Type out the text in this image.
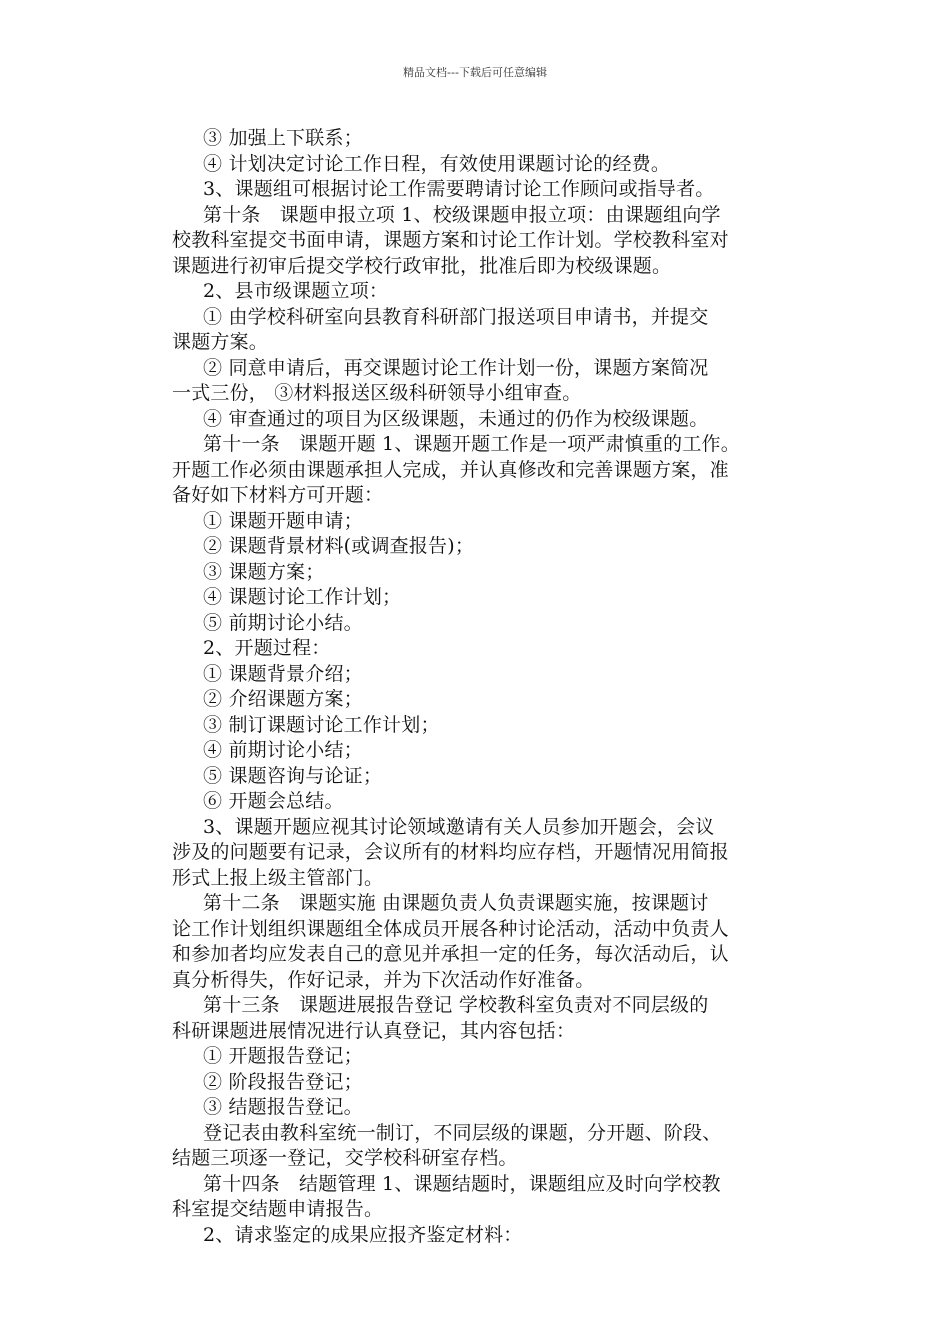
精品文档---下载后可任意编辑
③ 加强上下联系；
④ 计划决定讨论工作日程，有效使用课题讨论的经费。
3、课题组可根据讨论工作需要聘请讨论工作顾问或指导者。
第十条　课题申报立项 1、校级课题申报立项：由课题组向学
校教科室提交书面申请，课题方案和讨论工作计划。学校教科室对
课题进行初审后提交学校行政审批，批准后即为校级课题。
2、县市级课题立项：
① 由学校科研室向县教育科研部门报送项目申请书，并提交
课题方案。
② 同意申请后，再交课题讨论工作计划一份，课题方案简况
一式三份， ③材料报送区级科研领导小组审查。
④ 审查通过的项目为区级课题，未通过的仍作为校级课题。
第十一条　课题开题 1、课题开题工作是一项严肃慎重的工作。
开题工作必须由课题承担人完成，并认真修改和完善课题方案，准
备好如下材料方可开题：
① 课题开题申请；
② 课题背景材料(或调查报告)；
③ 课题方案；
④ 课题讨论工作计划；
⑤ 前期讨论小结。
2、开题过程：
① 课题背景介绍；
② 介绍课题方案；
③ 制订课题讨论工作计划；
④ 前期讨论小结；
⑤ 课题咨询与论证；
⑥ 开题会总结。
3、课题开题应视其讨论领域邀请有关人员参加开题会，会议
涉及的问题要有记录，会议所有的材料均应存档，开题情况用简报
形式上报上级主管部门。
第十二条　课题实施 由课题负责人负责课题实施，按课题讨
论工作计划组织课题组全体成员开展各种讨论活动，活动中负责人
和参加者均应发表自己的意见并承担一定的任务，每次活动后，认
真分析得失，作好记录，并为下次活动作好准备。
第十三条　课题进展报告登记 学校教科室负责对不同层级的
科研课题进展情况进行认真登记，其内容包括：
① 开题报告登记；
② 阶段报告登记；
③ 结题报告登记。
登记表由教科室统一制订，不同层级的课题，分开题、阶段、
结题三项逐一登记，交学校科研室存档。
第十四条　结题管理 1、课题结题时，课题组应及时向学校教
科室提交结题申请报告。
2、请求鉴定的成果应报齐鉴定材料：
